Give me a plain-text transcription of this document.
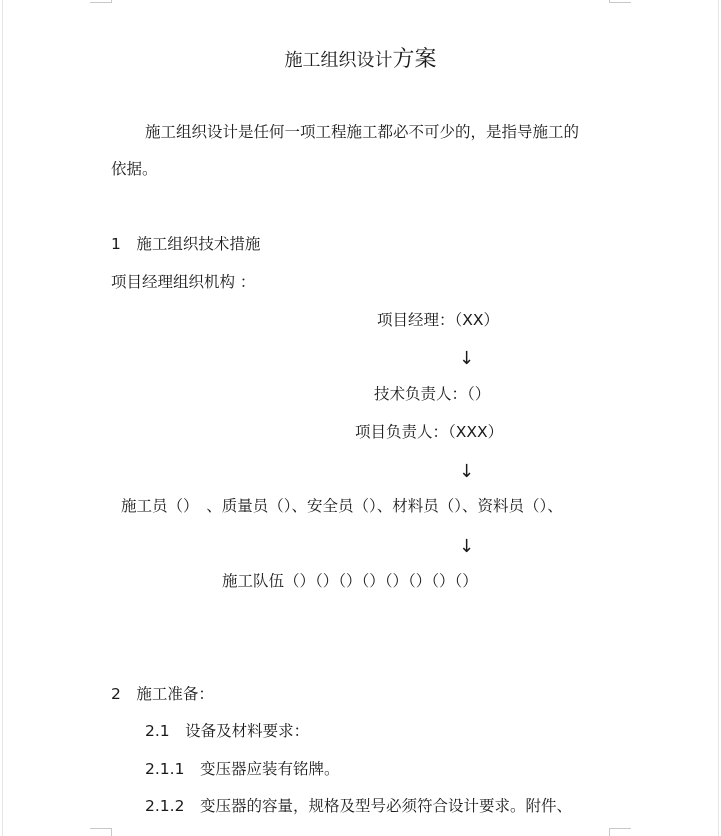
施工组织设计方案
施工组织设计是任何一项工程施工都必不可少的，是指导施工的
依据。
1　施工组织技术措施
项目经理组织机构 ：
项目经理：（XX）
↓
技术负责人：（）
项目负责人：（XXX）
↓
施工员（）　、质量员（）、安全员（）、材料员（）、资料员（）、
↓
施工队伍（）（）（）（）（）（）（）（）
2　施工准备：
2.1　设备及材料要求：
2.1.1　变压器应装有铭牌。
2.1.2　变压器的容量，规格及型号必须符合设计要求。附件、
